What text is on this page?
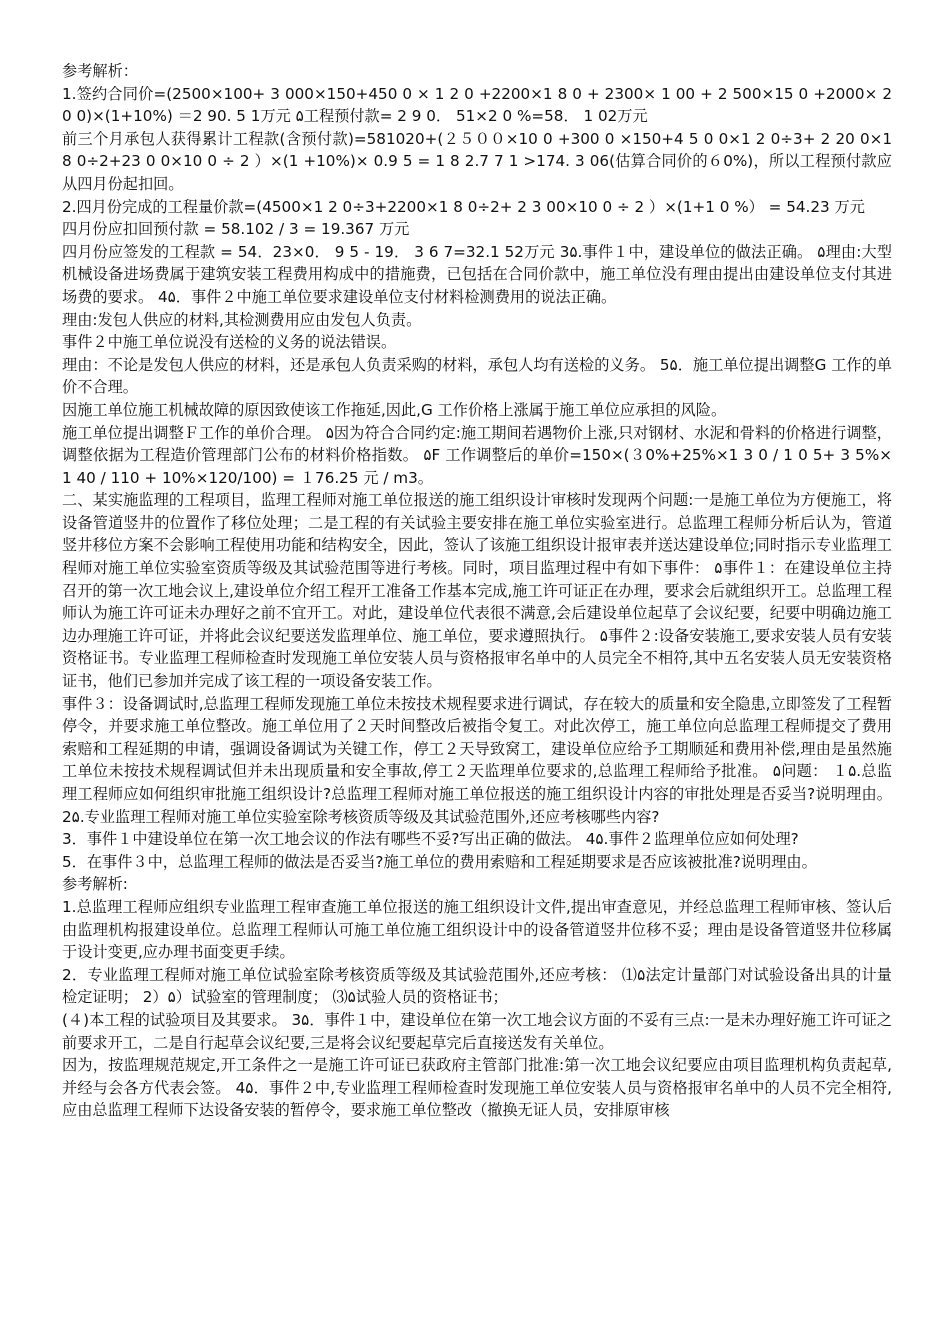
参考解析：

1.签约合同价=(2500×100+ 3 000×150+450 0 × 1 2 0 +2200×1 8 0 + 2300× 1 00 + 2 500×15 0 +2000× 2 0 0)×(1+10%) ＝2 90. 5 1万元 ۵工程预付款= 2 9 0． 51×2 0 %=58． 1 02万元

前三个月承包人获得累计工程款(含预付款)=581020+(２５００×10 0 +300 0 ×150+4 5 0 0×1 2 0÷3+ 2 20 0×1 8 0÷2+23 0 0×10 0 ÷ 2 ）×(1 +10%)× 0.9 5 = 1 8 2.7 7 1 >174. 3 06(估算合同价的６0%)，所以工程预付款应从四月份起扣回。

2.四月份完成的工程量价款=(4500×1 2 0÷3+2200×1 8 0÷2+ 2 3 00×10 0 ÷ 2 ）×(1+1 0 %） = 54.23 万元

四月份应扣回预付款 = 58.102 / 3 = 19.367 万元

四月份应签发的工程款 = 54．23×0． 9 5 - 19． 3 6 7=32.1 52万元 3۵.事件１中，建设单位的做法正确。 ۵理由:大型机械设备进场费属于建筑安装工程费用构成中的措施费，已包括在合同价款中，施工单位没有理由提出由建设单位支付其进场费的要求。 4۵．事件２中施工单位要求建设单位支付材料检测费用的说法正确。

理由:发包人供应的材料,其检测费用应由发包人负责。

事件２中施工单位说没有送检的义务的说法错误。

理由：不论是发包人供应的材料，还是承包人负责采购的材料，承包人均有送检的义务。 5۵．施工单位提出调整G 工作的单价不合理。

因施工单位施工机械故障的原因致使该工作拖延,因此,G 工作价格上涨属于施工单位应承担的风险。

施工单位提出调整Ｆ工作的单价合理。 ۵因为符合合同约定:施工期间若遇物价上涨,只对钢材、水泥和骨料的价格进行调整，调整依据为工程造价管理部门公布的材料价格指数。 ۵F 工作调整后的单价=150×(３0%+25%×1 3 0 / 1 0 5+ 3 5%× 1 40 / 110 + 10%×120/100) = １76.25 元 / m3。

二、某实施监理的工程项目，监理工程师对施工单位报送的施工组织设计审核时发现两个问题:一是施工单位为方便施工，将设备管道竖井的位置作了移位处理；二是工程的有关试验主要安排在施工单位实验室进行。总监理工程师分析后认为，管道竖井移位方案不会影响工程使用功能和结构安全，因此，签认了该施工组织设计报审表并送达建设单位;同时指示专业监理工程师对施工单位实验室资质等级及其试验范围等进行考核。同时，项目监理过程中有如下事件： ۵事件１：在建设单位主持召开的第一次工地会议上,建设单位介绍工程开工准备工作基本完成,施工许可证正在办理，要求会后就组织开工。总监理工程师认为施工许可证未办理好之前不宜开工。对此，建设单位代表很不满意,会后建设单位起草了会议纪要，纪要中明确边施工边办理施工许可证，并将此会议纪要送发监理单位、施工单位，要求遵照执行。 ۵事件２:设备安装施工,要求安装人员有安装资格证书。专业监理工程师检查时发现施工单位安装人员与资格报审名单中的人员完全不相符,其中五名安装人员无安装资格证书，他们已参加并完成了该工程的一项设备安装工作。

事件３：设备调试时,总监理工程师发现施工单位未按技术规程要求进行调试，存在较大的质量和安全隐患,立即签发了工程暂停令，并要求施工单位整改。施工单位用了２天时间整改后被指令复工。对此次停工，施工单位向总监理工程师提交了费用索赔和工程延期的申请，强调设备调试为关键工作，停工２天导致窝工，建设单位应给予工期顺延和费用补偿,理由是虽然施工单位未按技术规程调试但并未出现质量和安全事故,停工２天监理单位要求的,总监理工程师给予批准。 ۵问题： １۵.总监理工程师应如何组织审批施工组织设计?总监理工程师对施工单位报送的施工组织设计内容的审批处理是否妥当?说明理由。 2۵.专业监理工程师对施工单位实验室除考核资质等级及其试验范围外,还应考核哪些内容?

3．事件１中建设单位在第一次工地会议的作法有哪些不妥?写出正确的做法。 4۵.事件２监理单位应如何处理?

5．在事件３中，总监理工程师的做法是否妥当?施工单位的费用索赔和工程延期要求是否应该被批准?说明理由。

参考解析:

1.总监理工程师应组织专业监理工程审查施工单位报送的施工组织设计文件,提出审查意见，并经总监理工程师审核、签认后由监理机构报建设单位。总监理工程师认可施工单位施工组织设计中的设备管道竖井位移不妥；理由是设备管道竖井位移属于设计变更,应办理书面变更手续。

2．专业监理工程师对施工单位试验室除考核资质等级及其试验范围外,还应考核： ⑴۵法定计量部门对试验设备出具的计量检定证明； 2）۵）试验室的管理制度； ⑶۵试验人员的资格证书；

(４)本工程的试验项目及其要求。 3۵．事件１中，建设单位在第一次工地会议方面的不妥有三点:一是未办理好施工许可证之前要求开工，二是自行起草会议纪要,三是将会议纪要起草完后直接送发有关单位。

因为，按监理规范规定,开工条件之一是施工许可证已获政府主管部门批准:第一次工地会议纪要应由项目监理机构负责起草,并经与会各方代表会签。 4۵．事件２中,专业监理工程师检查时发现施工单位安装人员与资格报审名单中的人员不完全相符,应由总监理工程师下达设备安装的暂停令，要求施工单位整改（撤换无证人员，安排原审核
